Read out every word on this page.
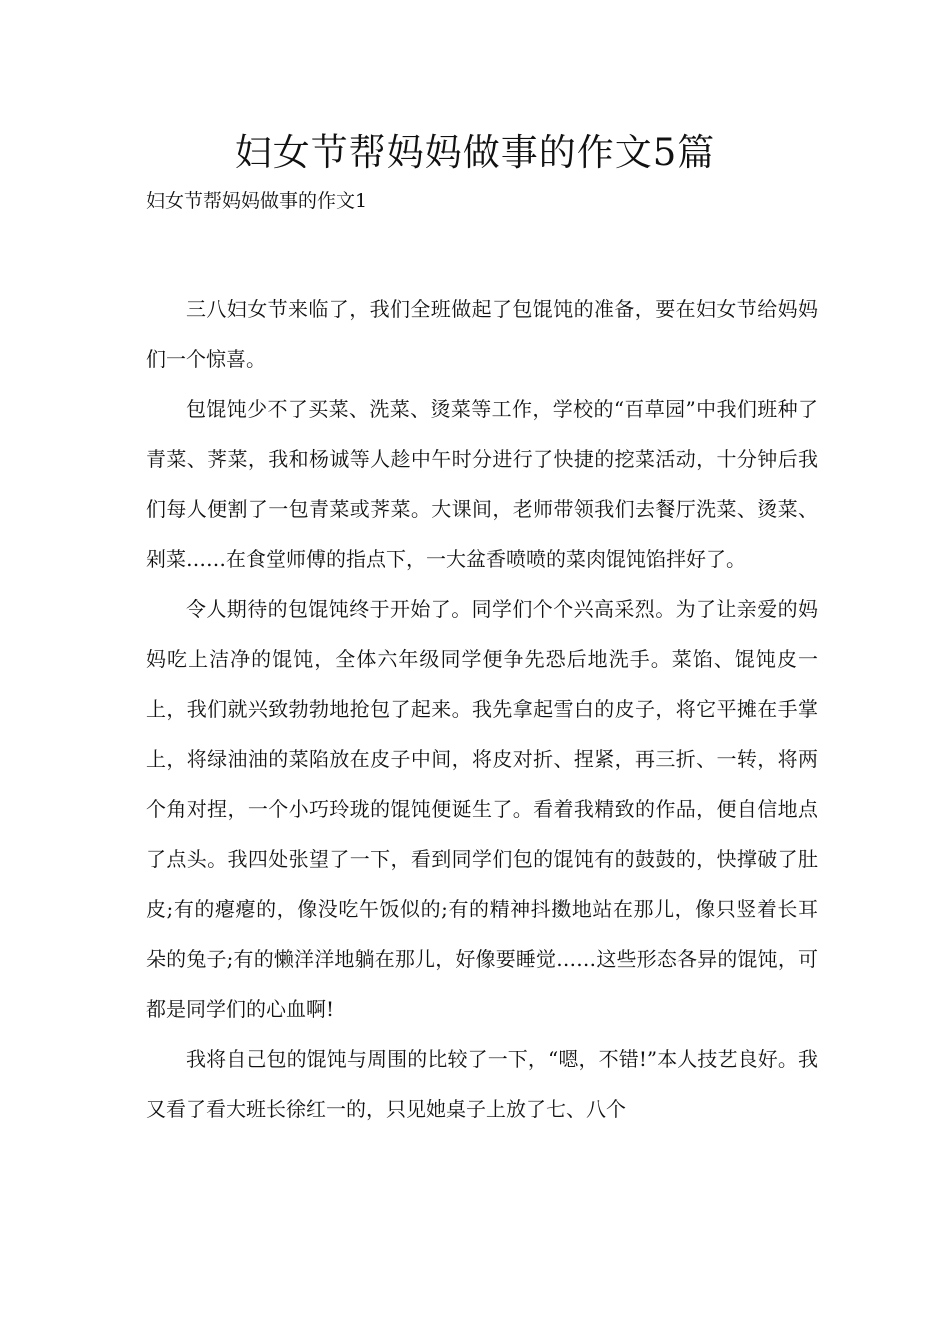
妇女节帮妈妈做事的作文5篇
妇女节帮妈妈做事的作文1

三八妇女节来临了，我们全班做起了包馄饨的准备，要在妇女节给妈妈们一个惊喜。

包馄饨少不了买菜、洗菜、烫菜等工作，学校的“百草园”中我们班种了青菜、荠菜，我和杨诚等人趁中午时分进行了快捷的挖菜活动，十分钟后我们每人便割了一包青菜或荠菜。大课间，老师带领我们去餐厅洗菜、烫菜、剁菜……在食堂师傅的指点下，一大盆香喷喷的菜肉馄饨馅拌好了。

令人期待的包馄饨终于开始了。同学们个个兴高采烈。为了让亲爱的妈妈吃上洁净的馄饨，全体六年级同学便争先恐后地洗手。菜馅、馄饨皮一上，我们就兴致勃勃地抢包了起来。我先拿起雪白的皮子，将它平摊在手掌上，将绿油油的菜陷放在皮子中间，将皮对折、捏紧，再三折、一转，将两个角对捏，一个小巧玲珑的馄饨便诞生了。看着我精致的作品，便自信地点了点头。我四处张望了一下，看到同学们包的馄饨有的鼓鼓的，快撑破了肚皮;有的瘪瘪的，像没吃午饭似的;有的精神抖擞地站在那儿，像只竖着长耳朵的兔子;有的懒洋洋地躺在那儿，好像要睡觉……这些形态各异的馄饨，可都是同学们的心血啊!

我将自己包的馄饨与周围的比较了一下，“嗯，不错!”本人技艺良好。我又看了看大班长徐红一的，只见她桌子上放了七、八个
